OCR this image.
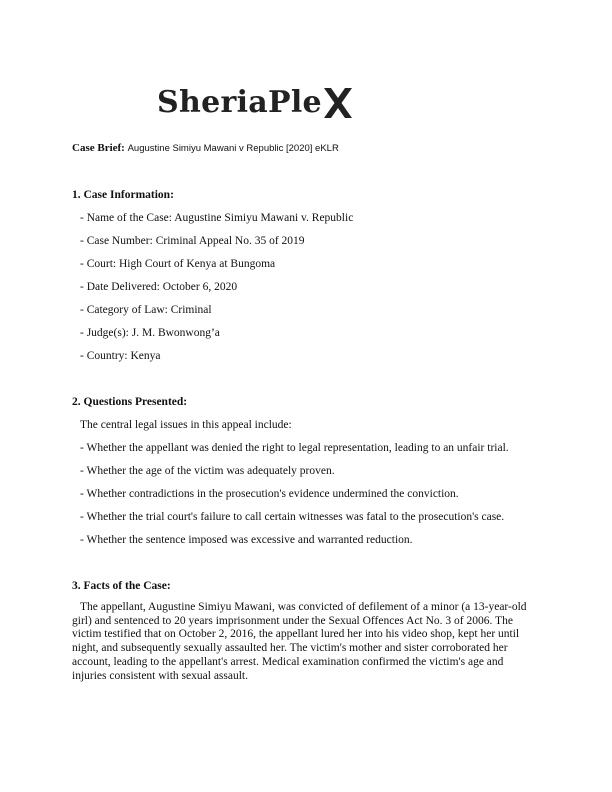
SheriaPle
Case Brief: Augustine Simiyu Mawani v Republic [2020] eKLR
1. Case Information:
- Name of the Case: Augustine Simiyu Mawani v. Republic
- Case Number: Criminal Appeal No. 35 of 2019
- Court: High Court of Kenya at Bungoma
- Date Delivered: October 6, 2020
- Category of Law: Criminal
- Judge(s): J. M. Bwonwong’a
- Country: Kenya
2. Questions Presented:
The central legal issues in this appeal include:
- Whether the appellant was denied the right to legal representation, leading to an unfair trial.
- Whether the age of the victim was adequately proven.
- Whether contradictions in the prosecution's evidence undermined the conviction.
- Whether the trial court's failure to call certain witnesses was fatal to the prosecution's case.
- Whether the sentence imposed was excessive and warranted reduction.
3. Facts of the Case:

The appellant, Augustine Simiyu Mawani, was convicted of defilement of a minor (a 13-year-old girl) and sentenced to 20 years imprisonment under the Sexual Offences Act No. 3 of 2006. The victim testified that on October 2, 2016, the appellant lured her into his video shop, kept her until night, and subsequently sexually assaulted her. The victim's mother and sister corroborated her account, leading to the appellant's arrest. Medical examination confirmed the victim's age and injuries consistent with sexual assault.
